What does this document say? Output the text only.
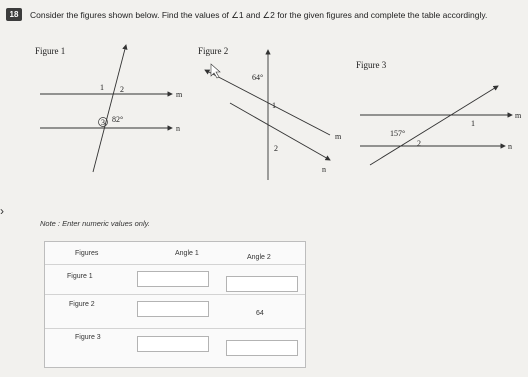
18	Consider the figures shown below. Find the values of ∠1 and ∠2 for the given figures and complete the table accordingly.
›
Figure 1
m
n
1 2
3 82°
Figure 2
m
n
64°
1
2
Figure 3
m
n
157°
1
2
Note : Enter numeric values only.
Figures	Angle 1
Angle 2
Figure 1
Figure 2
64
Figure 3
